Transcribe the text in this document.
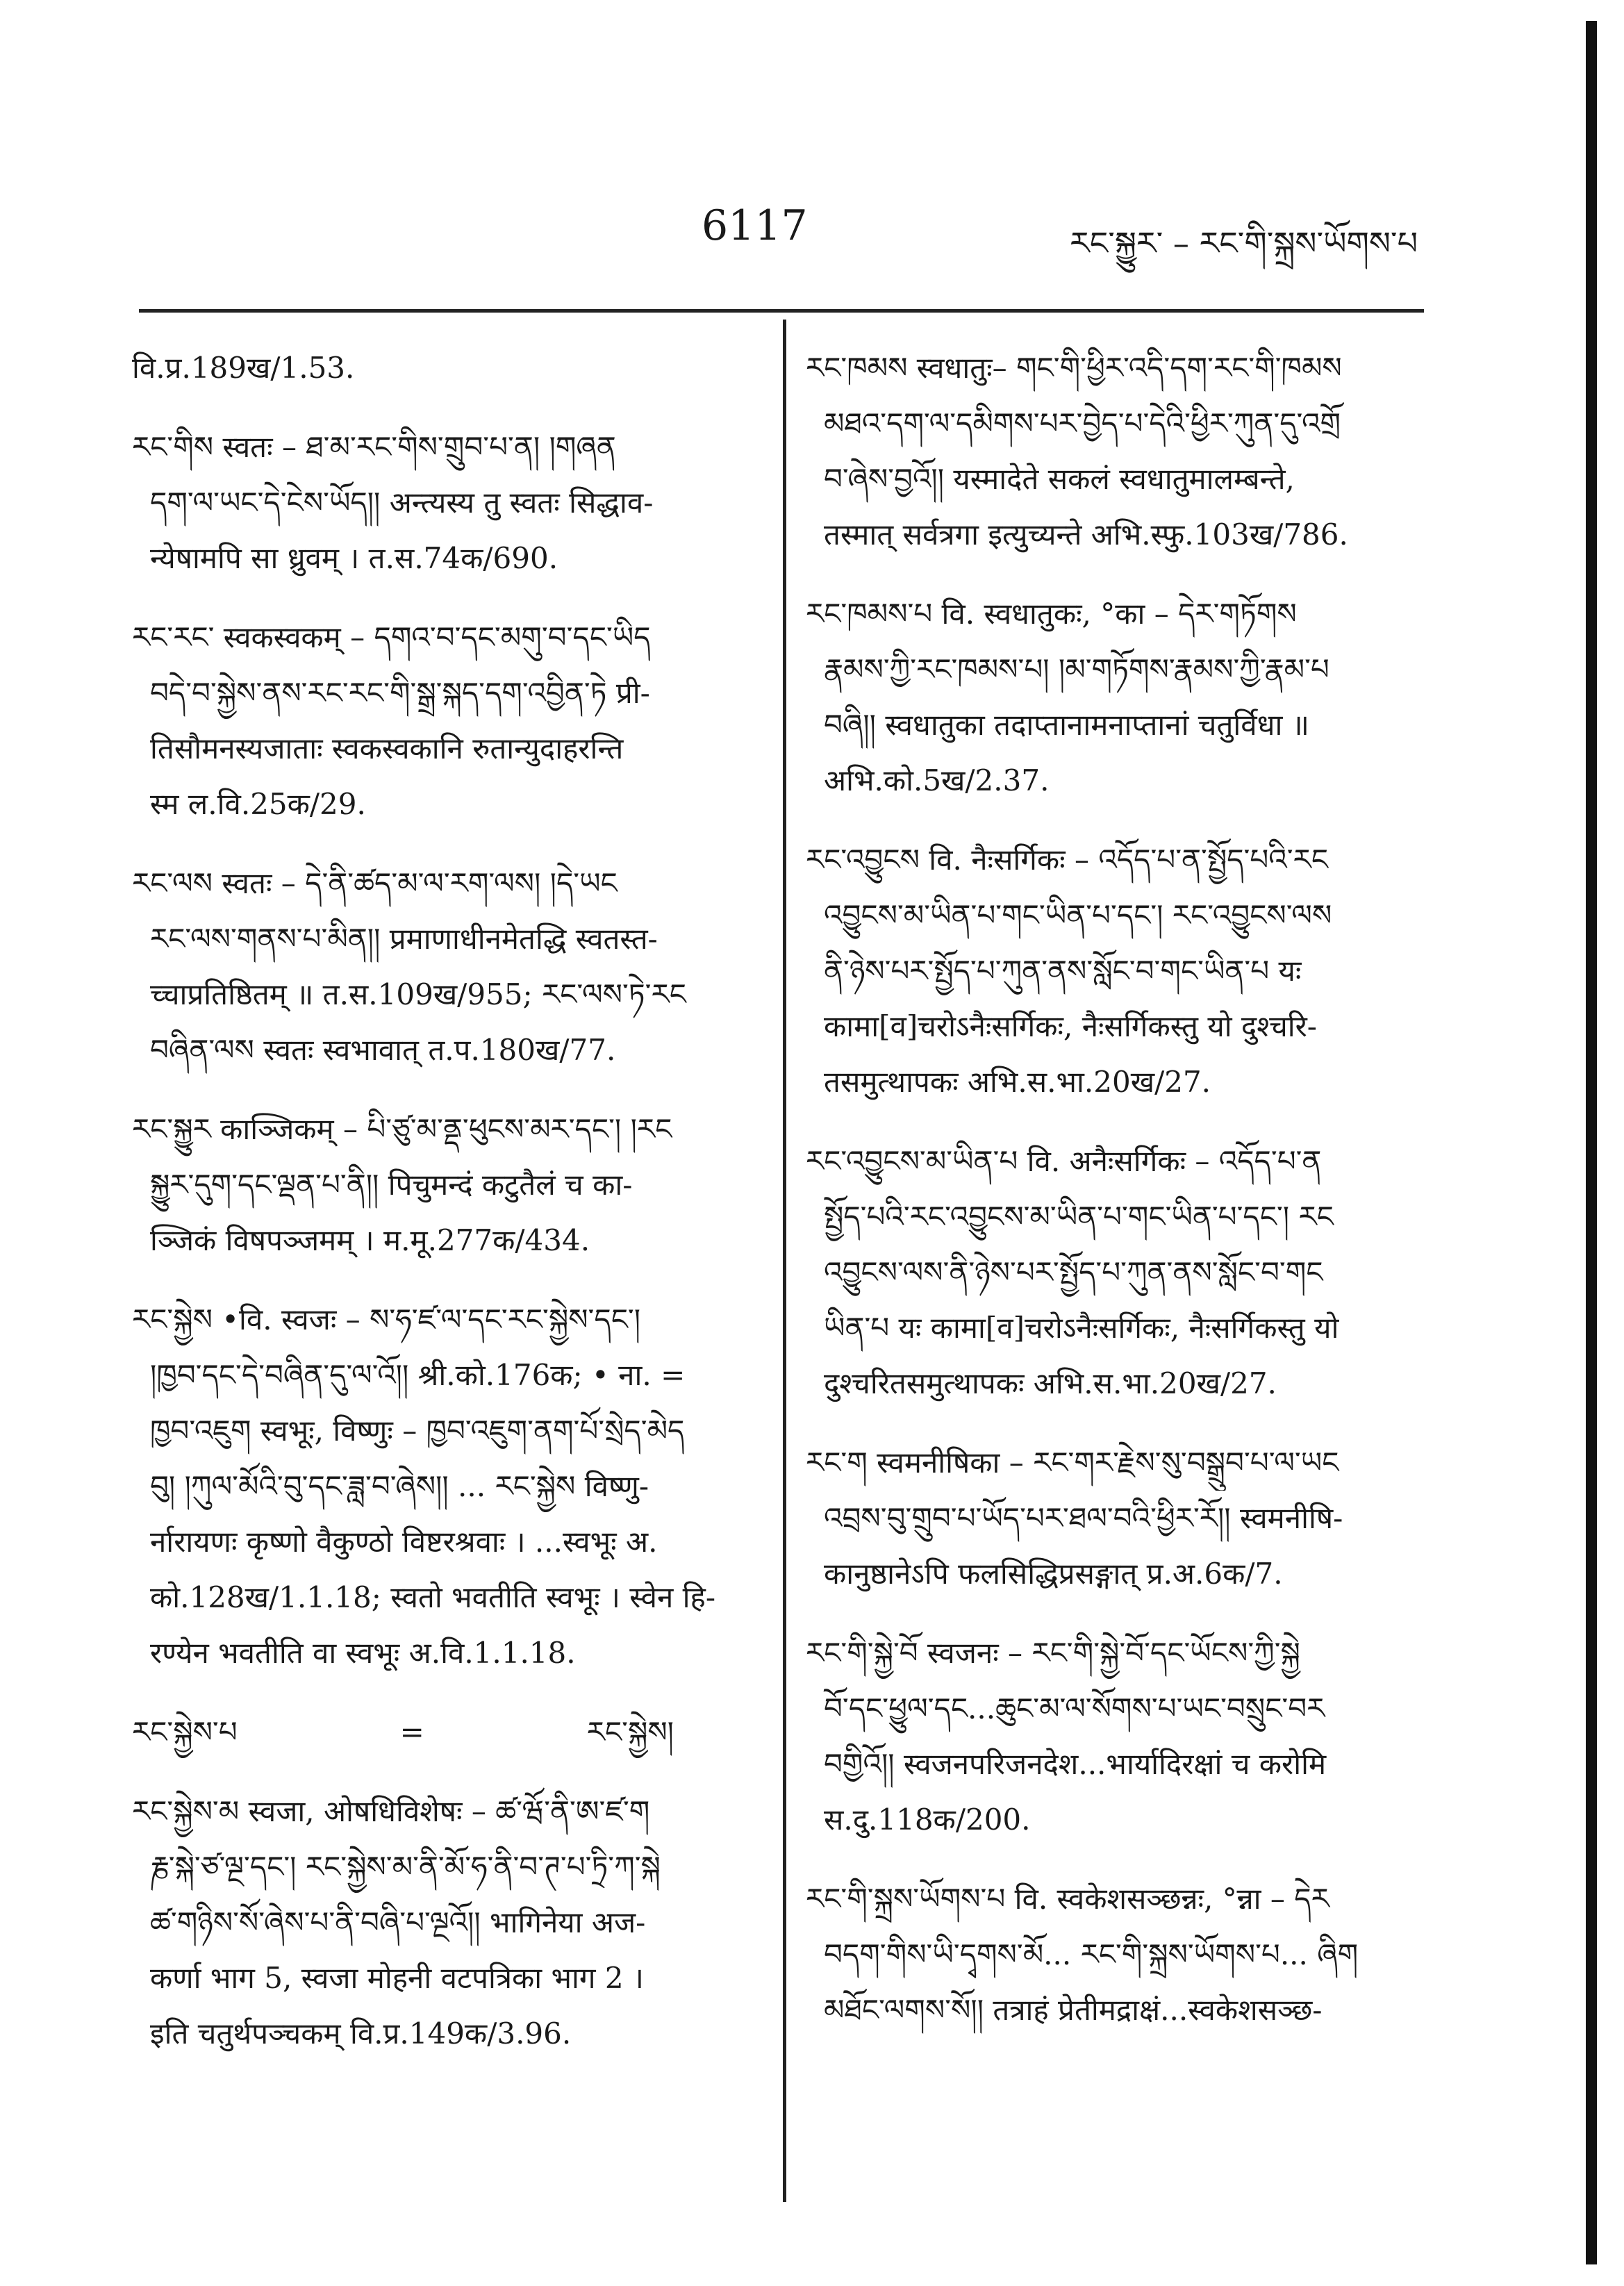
6117	རང་སྐྱུར་ – རང་གི་སྐྲས་ཡོགས་པ
वि.प्र.189ख/1.53.
རང་གིས स्वतः – ཐ་མ་རང་གིས་གྲུབ་པ་ན། །གཞན
དག་ལ་ཡང་དེ་ངེས་ཡོད།། अन्त्यस्य तु स्वतः सिद्धाव-
न्येषामपि सा ध्रुवम् । त.स.74क/690.
རང་རང་ स्वकस्वकम् – དགའ་བ་དང་མགུ་བ་དང་ཡིད
བདེ་བ་སྐྱེས་ནས་རང་རང་གི་སྒྲ་སྐད་དག་འབྱིན་ཏེ प्री-
तिसौमनस्यजाताः स्वकस्वकानि रुतान्युदाहरन्ति
स्म ल.वि.25क/29.
རང་ལས स्वतः – དེ་ནི་ཚད་མ་ལ་རག་ལས། །དེ་ཡང
རང་ལས་གནས་པ་མིན།། प्रमाणाधीनमेतद्धि स्वतस्त-
च्चाप्रतिष्ठितम् ॥ त.स.109ख/955; རང་ལས་ཏེ་རང
བཞིན་ལས स्वतः स्वभावात् त.प.180ख/77.
རང་སྐྱུར काञ्जिकम् – པི་ཙུ་མ་ནྡ་ཕུངས་མར་དང་། །རང
སྐྱུར་དུག་དང་ལྡན་པ་ནི།། पिचुमन्दं कटुतैलं च का-
ञ्जिकं विषपञ्जमम् । म.मू.277क/434.
རང་སྐྱེས •वि. स्वजः – ས་ཧ་ཛ་ལ་དང་རང་སྐྱེས་དང་།
།ཁྱབ་དང་དེ་བཞིན་དུ་ལ་འོ།། श्री.को.176क; • ना. =
ཁྱབ་འཇུག स्वभूः, विष्णुः – ཁྱབ་འཇུག་ནག་པོ་སྲེད་མེད
བུ། །ཀུལ་མོའི་བུ་དང་ཟླ་བ་ཞེས།། ... རང་སྐྱེས विष्णु-
र्नारायणः कृष्णो वैकुण्ठो विष्टरश्रवाः । ...स्वभूः अ.
को.128ख/1.1.18; स्वतो भवतीति स्वभूः । स्वेन हि-
रण्येन भवतीति वा स्वभूः अ.वि.1.1.18.
རང་སྐྱེས་པ	=	རང་སྐྱེས།
རང་སྐྱེས་མ स्वजा, ओषधिविशेषः – ཚ་ཝོ་ནི་ཨ་ཛ་ག
རྞ་སྐེ་ཙ་ལྔ་དང་། རང་སྐྱེས་མ་ནི་མོ་ཧ་ནི་བ་ཊ་པ་ཏྲི་ཀ་སྐེ
ཚ་གཉིས་སོ་ཞེས་པ་ནི་བཞི་པ་ལྔའོ།། भागिनेया अज-
कर्णा भाग 5, स्वजा मोहनी वटपत्रिका भाग 2 ।
इति चतुर्थपञ्चकम् वि.प्र.149क/3.96.
རང་ཁམས स्वधातुः– གང་གི་ཕྱིར་འདི་དག་རང་གི་ཁམས
མཐའ་དག་ལ་དམིགས་པར་བྱེད་པ་དེའི་ཕྱིར་ཀུན་དུ་འགྲོ
བ་ཞེས་བྱའོ།། यस्मादेते सकलं स्वधातुमालम्बन्ते,
तस्मात् सर्वत्रगा इत्युच्यन्ते अभि.स्फु.103ख/786.
རང་ཁམས་པ वि. स्वधातुकः, °का – དེར་གཏོགས
རྣམས་ཀྱི་རང་ཁམས་པ། །མ་གཏོགས་རྣམས་ཀྱི་རྣམ་པ
བཞི།། स्वधातुका तदाप्तानामनाप्तानां चतुर्विधा ॥
अभि.को.5ख/2.37.
རང་འབྱུངས वि. नैःसर्गिकः – འདོད་པ་ན་སྤྱོད་པའི་རང
འབྱུངས་མ་ཡིན་པ་གང་ཡིན་པ་དང་། རང་འབྱུངས་ལས
ནི་ཉེས་པར་སྤྱོད་པ་ཀུན་ནས་སློང་བ་གང་ཡིན་པ यः
कामा[व]चरोऽनैःसर्गिकः, नैःसर्गिकस्तु यो दुश्चरि-
तसमुत्थापकः अभि.स.भा.20ख/27.
རང་འབྱུངས་མ་ཡིན་པ वि. अनैःसर्गिकः – འདོད་པ་ན
སྤྱོད་པའི་རང་འབྱུངས་མ་ཡིན་པ་གང་ཡིན་པ་དང་། རང
འབྱུངས་ལས་ནི་ཉེས་པར་སྤྱོད་པ་ཀུན་ནས་སློང་བ་གང
ཡིན་པ यः कामा[व]चरोऽनैःसर्गिकः, नैःसर्गिकस्तु यो
दुश्चरितसमुत्थापकः अभि.स.भा.20ख/27.
རང་ག स्वमनीषिका – རང་གར་རྗེས་སུ་བསྒྲུབ་པ་ལ་ཡང
འབྲས་བུ་གྲུབ་པ་ཡོད་པར་ཐལ་བའི་ཕྱིར་རོ།། स्वमनीषि-
कानुष्ठानेऽपि फलसिद्धिप्रसङ्गात् प्र.अ.6क/7.
རང་གི་སྐྱེ་བོ स्वजनः – རང་གི་སྐྱེ་བོ་དང་ཡོངས་ཀྱི་སྐྱེ
བོ་དང་ཕྱུལ་དང...ཆུང་མ་ལ་སོགས་པ་ཡང་བསྲུང་བར
བགྱིའོ།། स्वजनपरिजनदेश...भार्यादिरक्षां च करोमि
स.दु.118क/200.
རང་གི་སྐྲས་ཡོགས་པ वि. स्वकेशसञ्छन्नः, °न्ना – དེར
བདག་གིས་ཡི་དྭགས་མོ... རང་གི་སྐྲས་ཡོགས་པ... ཞིག
མཐོང་ལགས་སོ།། तत्राहं प्रेतीमद्राक्षं...स्वकेशसञ्छ-
